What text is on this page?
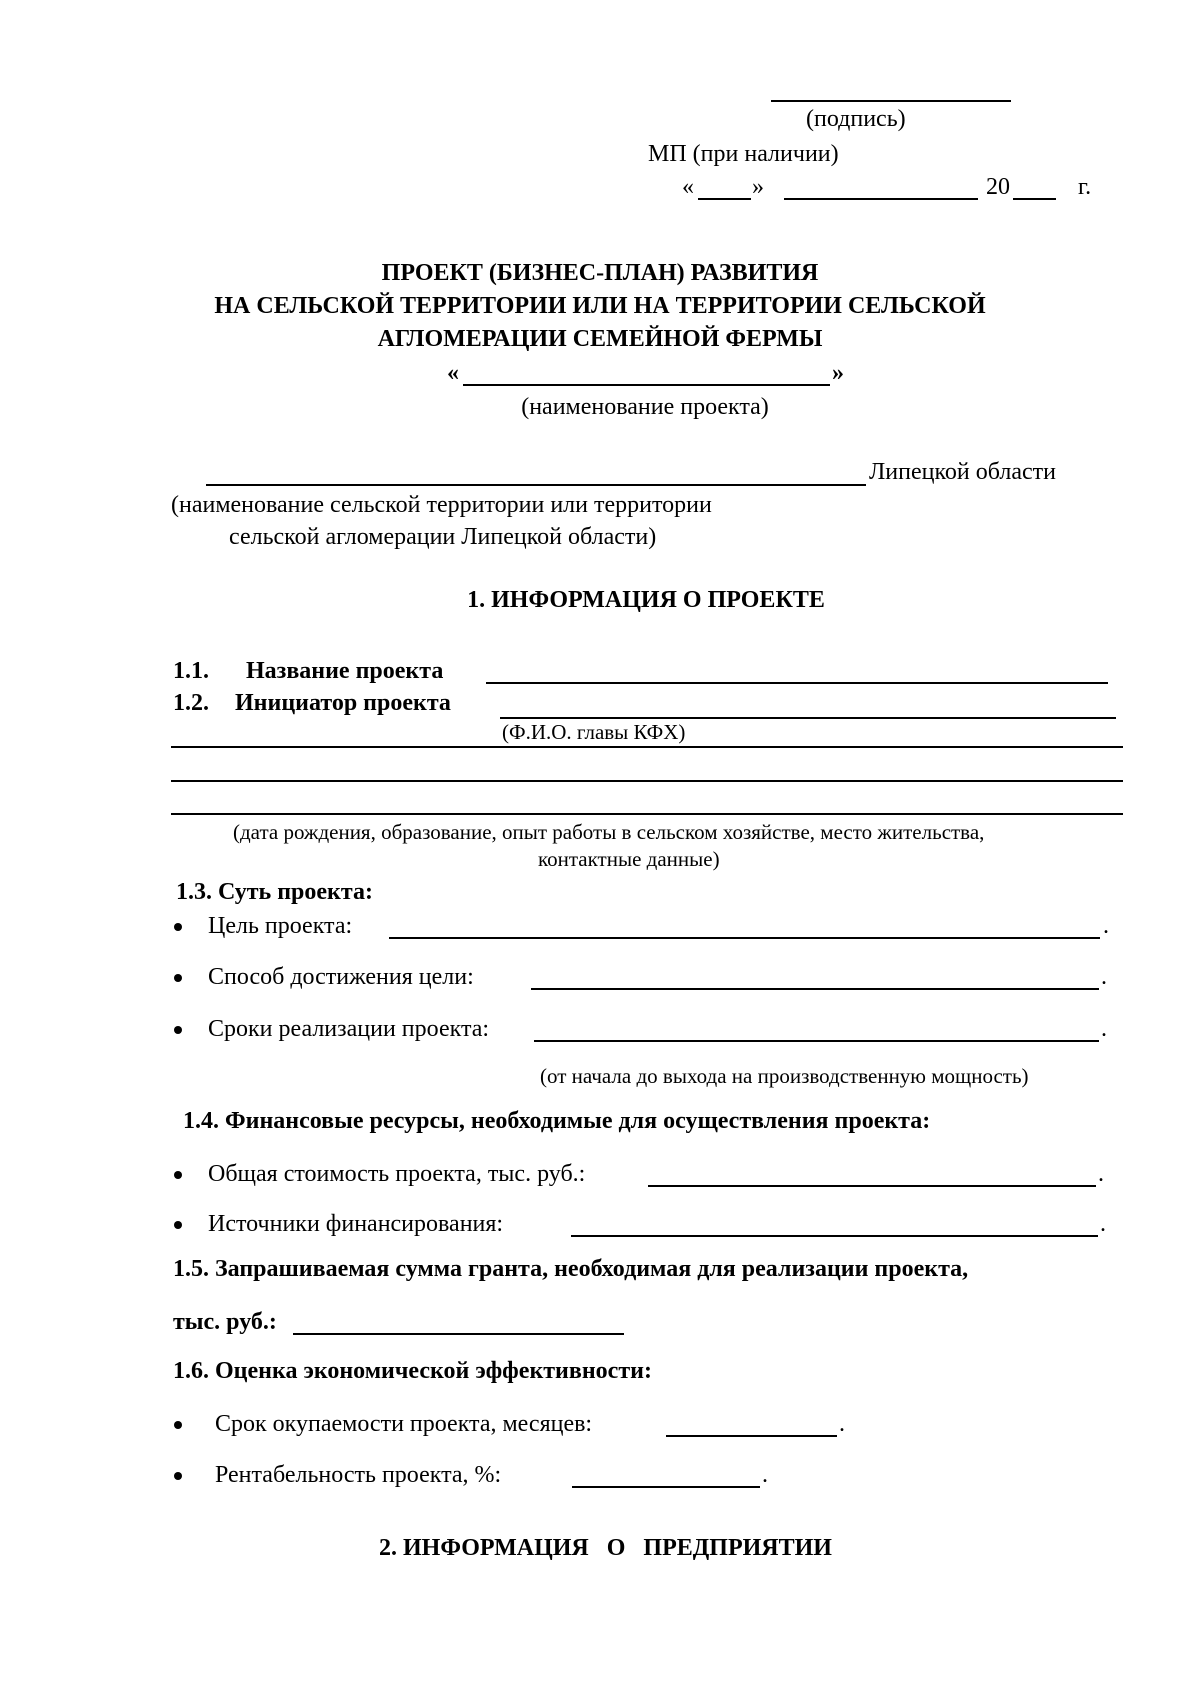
(подпись)
МП (при наличии)
« »	20	г.
ПРОЕКТ (БИЗНЕС-ПЛАН) РАЗВИТИЯ
НА СЕЛЬСКОЙ ТЕРРИТОРИИ ИЛИ НА ТЕРРИТОРИИ СЕЛЬСКОЙ
АГЛОМЕРАЦИИ СЕМЕЙНОЙ ФЕРМЫ
«	»
(наименование проекта)
Липецкой области
(наименование сельской территории или территории
сельской агломерации Липецкой области)
1. ИНФОРМАЦИЯ О ПРОЕКТЕ
1.1. Название проекта
1.2. Инициатор проекта
(Ф.И.О. главы КФХ)
(дата рождения, образование, опыт работы в сельском хозяйстве, место жительства,
контактные данные)
1.3. Суть проекта:
Цель проекта:	.
Способ достижения цели:	.
Сроки реализации проекта:	.
(от начала до выхода на производственную мощность)
1.4. Финансовые ресурсы, необходимые для осуществления проекта:
Общая стоимость проекта, тыс. руб.:	.
Источники финансирования:	.
1.5. Запрашиваемая сумма гранта, необходимая для реализации проекта,
тыс. руб.:
1.6. Оценка экономической эффективности:
Срок окупаемости проекта, месяцев:	.
Рентабельность проекта, %:	.
2. ИНФОРМАЦИЯ   О   ПРЕДПРИЯТИИ
